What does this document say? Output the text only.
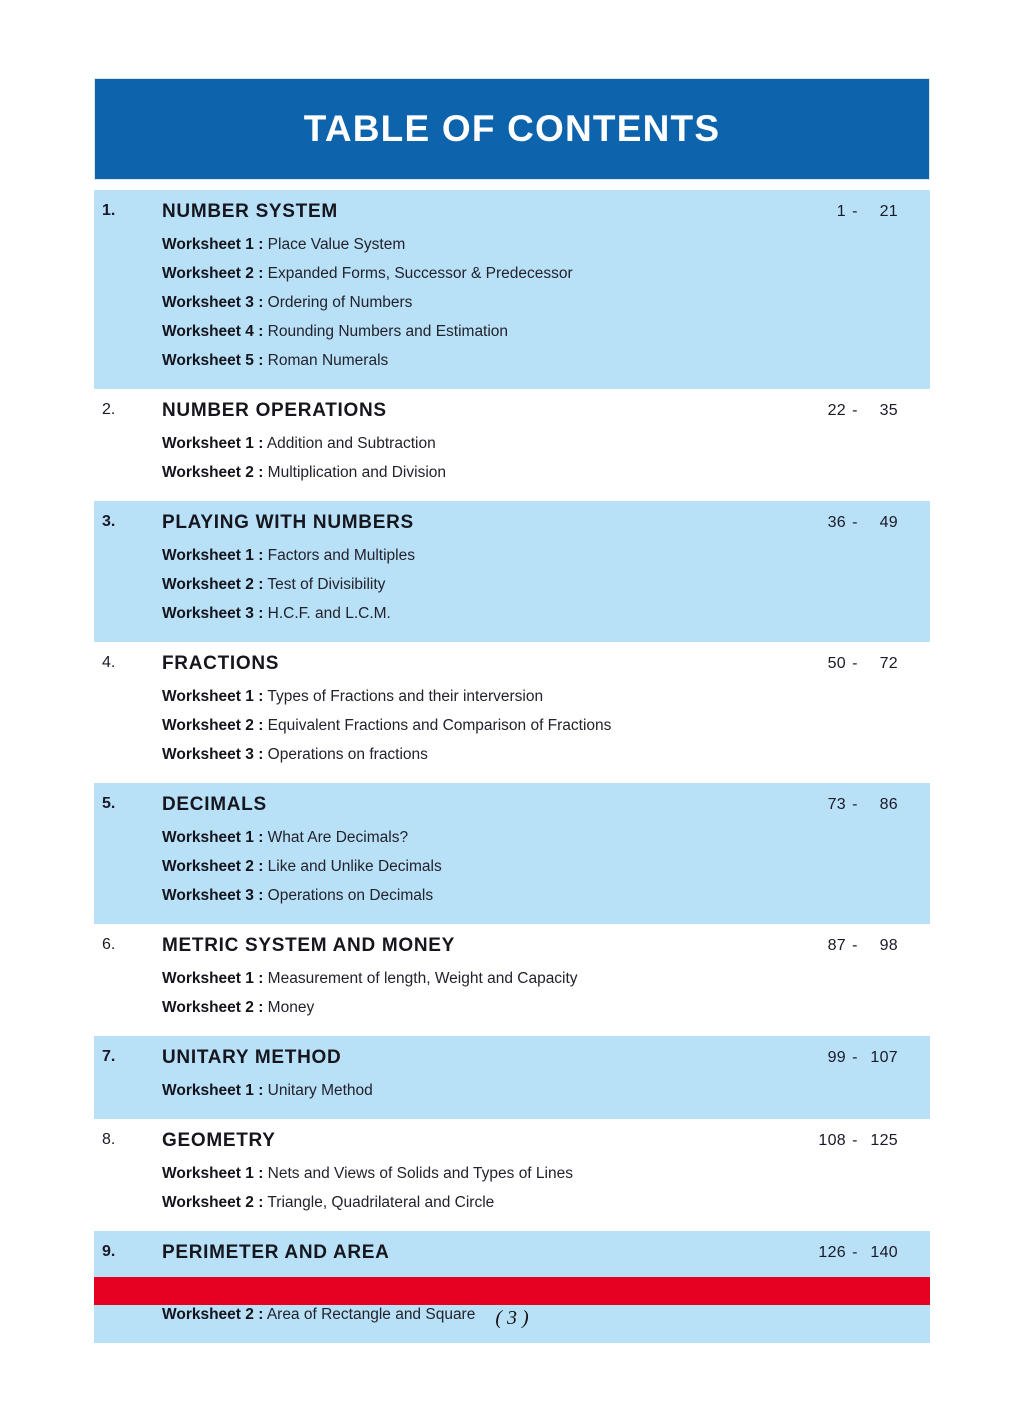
TABLE OF CONTENTS
1.	NUMBER SYSTEM	1 - 21
Worksheet 1 : Place Value System
Worksheet 2 : Expanded Forms, Successor & Predecessor
Worksheet 3 : Ordering of Numbers
Worksheet 4 : Rounding Numbers and Estimation
Worksheet 5 : Roman Numerals
2.	NUMBER OPERATIONS	22 - 35
Worksheet 1 : Addition and Subtraction
Worksheet 2 : Multiplication and Division
3.	PLAYING WITH NUMBERS	36 - 49
Worksheet 1 : Factors and Multiples
Worksheet 2 : Test of Divisibility
Worksheet 3 : H.C.F. and L.C.M.
4.	FRACTIONS	50 - 72
Worksheet 1 : Types of Fractions and their interversion
Worksheet 2 : Equivalent Fractions and Comparison of Fractions
Worksheet 3 : Operations on fractions
5.	DECIMALS	73 - 86
Worksheet 1 : What Are Decimals?
Worksheet 2 : Like and Unlike Decimals
Worksheet 3 : Operations on Decimals
6.	METRIC SYSTEM AND MONEY	87 - 98
Worksheet 1 : Measurement of length, Weight and Capacity
Worksheet 2 : Money
7.	UNITARY METHOD	99 - 107
Worksheet 1 : Unitary Method
8.	GEOMETRY	108 - 125
Worksheet 1 : Nets and Views of Solids and Types of Lines
Worksheet 2 : Triangle, Quadrilateral and Circle
9.	PERIMETER AND AREA	126 - 140
Worksheet 2 : Area of Rectangle and Square ( 3 )
